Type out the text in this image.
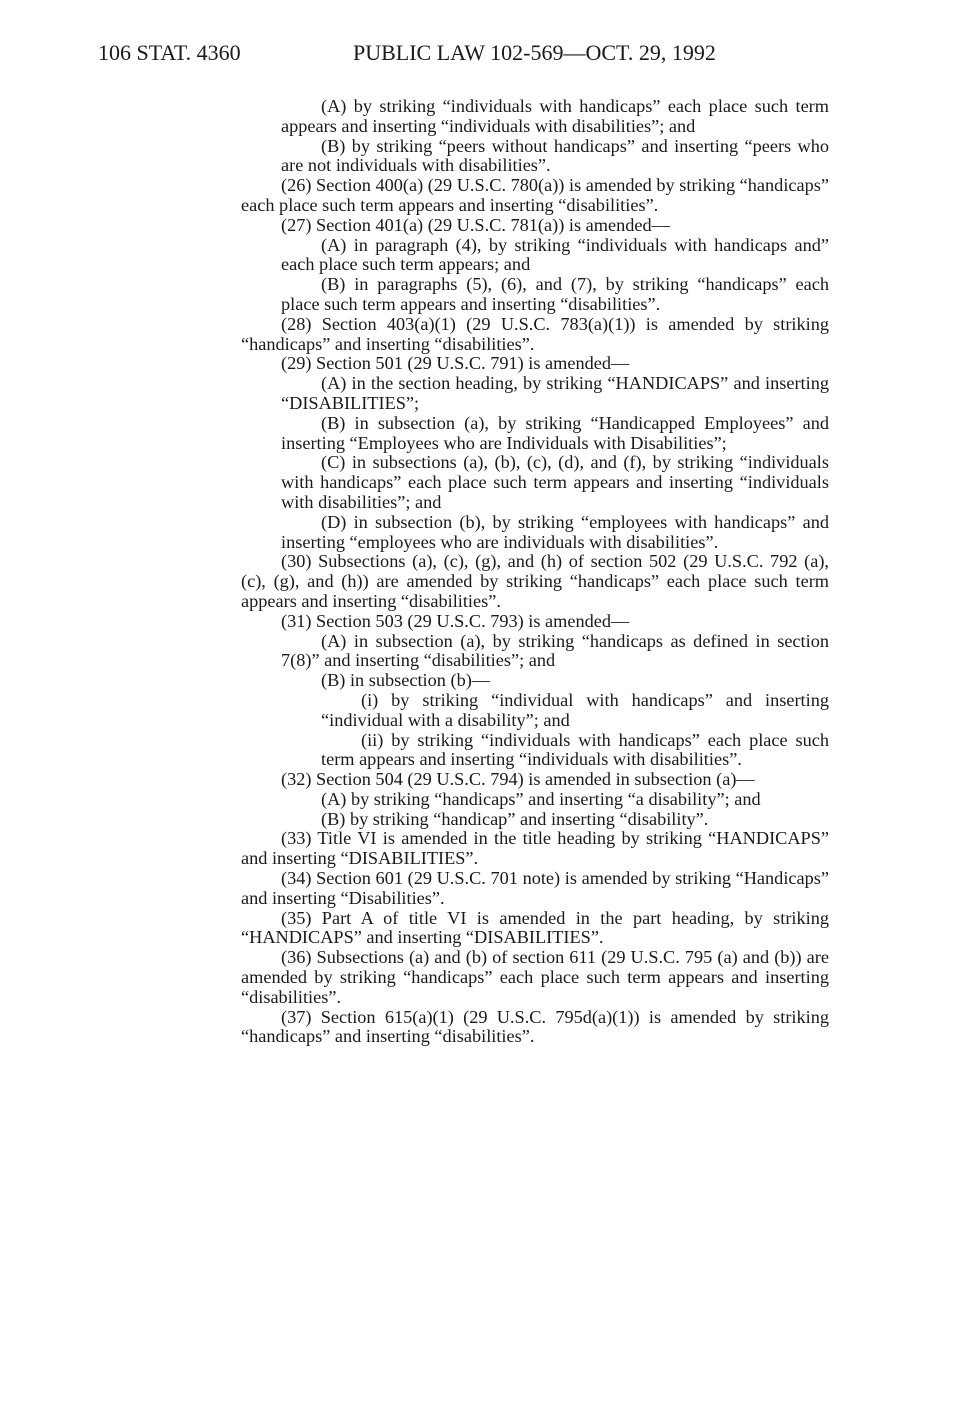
106 STAT. 4360	PUBLIC LAW 102-569—OCT. 29, 1992

(A) by striking “individuals with handicaps” each place such term appears and inserting “individuals with disabilities”; and

(B) by striking “peers without handicaps” and inserting “peers who are not individuals with disabilities”.

(26) Section 400(a) (29 U.S.C. 780(a)) is amended by striking “handicaps” each place such term appears and inserting “disabilities”.

(27) Section 401(a) (29 U.S.C. 781(a)) is amended—

(A) in paragraph (4), by striking “individuals with handicaps and” each place such term appears; and

(B) in paragraphs (5), (6), and (7), by striking “handicaps” each place such term appears and inserting “disabilities”.

(28) Section 403(a)(1) (29 U.S.C. 783(a)(1)) is amended by striking “handicaps” and inserting “disabilities”.

(29) Section 501 (29 U.S.C. 791) is amended—

(A) in the section heading, by striking “HANDICAPS” and inserting “DISABILITIES”;

(B) in subsection (a), by striking “Handicapped Employees” and inserting “Employees who are Individuals with Disabilities”;

(C) in subsections (a), (b), (c), (d), and (f), by striking “individuals with handicaps” each place such term appears and inserting “individuals with disabilities”; and

(D) in subsection (b), by striking “employees with handicaps” and inserting “employees who are individuals with disabilities”.

(30) Subsections (a), (c), (g), and (h) of section 502 (29 U.S.C. 792 (a), (c), (g), and (h)) are amended by striking “handicaps” each place such term appears and inserting “disabilities”.

(31) Section 503 (29 U.S.C. 793) is amended—

(A) in subsection (a), by striking “handicaps as defined in section 7(8)” and inserting “disabilities”; and

(B) in subsection (b)—

(i) by striking “individual with handicaps” and inserting “individual with a disability”; and

(ii) by striking “individuals with handicaps” each place such term appears and inserting “individuals with disabilities”.

(32) Section 504 (29 U.S.C. 794) is amended in subsection (a)—

(A) by striking “handicaps” and inserting “a disability”; and

(B) by striking “handicap” and inserting “disability”.

(33) Title VI is amended in the title heading by striking “HANDICAPS” and inserting “DISABILITIES”.

(34) Section 601 (29 U.S.C. 701 note) is amended by striking “Handicaps” and inserting “Disabilities”.

(35) Part A of title VI is amended in the part heading, by striking “HANDICAPS” and inserting “DISABILITIES”.

(36) Subsections (a) and (b) of section 611 (29 U.S.C. 795 (a) and (b)) are amended by striking “handicaps” each place such term appears and inserting “disabilities”.

(37) Section 615(a)(1) (29 U.S.C. 795d(a)(1)) is amended by striking “handicaps” and inserting “disabilities”.
